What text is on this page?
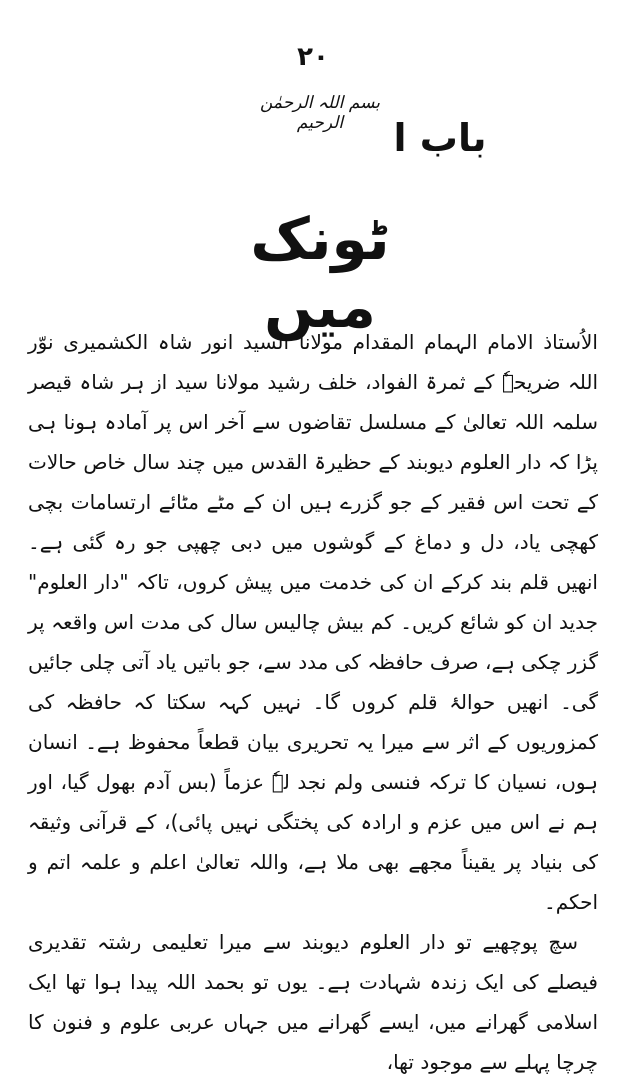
۲۰
بسم اللہ الرحمٰن الرحیم	باب ا
ٹونک میں

الاُستاذ الامام الہمام المقدام مولانا السید انور شاہ الکشمیری نوّر اللہ ضریحہٗ کے ثمرۃ الفواد، خلف رشید مولانا سید از ہر شاہ قیصر سلمہ اللہ تعالیٰ کے مسلسل تقاضوں سے آخر اس پر آمادہ ہونا ہی پڑا کہ دار العلوم دیوبند کے حظیرۃ القدس میں چند سال خاص حالات کے تحت اس فقیر کے جو گزرے ہیں ان کے مٹے مٹائے ارتسامات بچی کھچی یاد، دل و دماغ کے گوشوں میں دبی چھپی جو رہ گئی ہے۔ انھیں قلم بند کرکے ان کی خدمت میں پیش کروں، تاکہ "دار العلوم" جدید ان کو شائع کریں۔ کم بیش چالیس سال کی مدت اس واقعہ پر گزر چکی ہے، صرف حافظہ کی مدد سے، جو باتیں یاد آتی چلی جائیں گی۔ انھیں حوالۂ قلم کروں گا۔ نہیں کہہ سکتا کہ حافظہ کی کمزوریوں کے اثر سے میرا یہ تحریری بیان قطعاً محفوظ ہے۔ انسان ہوں، نسیان کا ترکہ فنسی ولم نجد لہٗ عزماً (بس آدم بھول گیا، اور ہم نے اس میں عزم و ارادہ کی پختگی نہیں پائی)، کے قرآنی وثیقہ کی بنیاد پر یقیناً مجھے بھی ملا ہے، واللہ تعالیٰ اعلم و علمہ اتم و احکم۔

سچ پوچھیے تو دار العلوم دیوبند سے میرا تعلیمی رشتہ تقدیری فیصلے کی ایک زندہ شہادت ہے۔ یوں تو بحمد اللہ پیدا ہوا تھا ایک اسلامی گھرانے میں، ایسے گھرانے میں جہاں عربی علوم و فنون کا چرچا پہلے سے موجود تھا،
